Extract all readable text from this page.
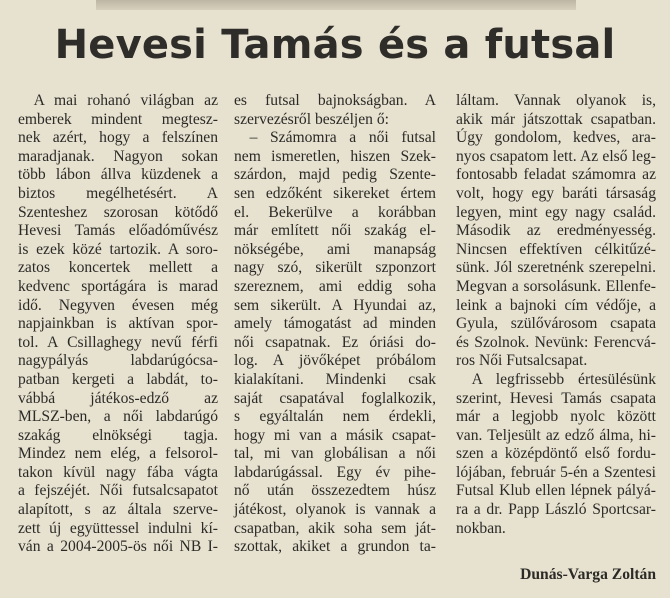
Hevesi Tamás és a futsal
 A mai rohanó világban az
emberek mindent megtesz-
nek azért, hogy a felszínen
maradjanak. Nagyon sokan
több lábon állva küzdenek a
biztos megélhetésért. A
Szenteshez szorosan kötődő
Hevesi Tamás előadóművész
is ezek közé tartozik. A soro-
zatos koncertek mellett a
kedvenc sportágára is marad
idő. Negyven évesen még
napjainkban is aktívan spor-
tol. A Csillaghegy nevű férfi
nagypályás labdarúgócsa-
patban kergeti a labdát, to-
vábbá játékos-edző az
MLSZ-ben, a női labdarúgó
szakág elnökségi tagja.
Mindez nem elég, a felsorol-
takon kívül nagy fába vágta
a fejszéjét. Női futsalcsapatot
alapított, s az általa szerve-
zett új együttessel indulni kí-
ván a 2004-2005-ös női NB I-
es futsal bajnokságban. A
szervezésről beszéljen ő:
 – Számomra a női futsal
nem ismeretlen, hiszen Szek-
szárdon, majd pedig Szente-
sen edzőként sikereket értem
el. Bekerülve a korábban
már említett női szakág el-
nökségébe, ami manapság
nagy szó, sikerült szponzort
szereznem, ami eddig soha
sem sikerült. A Hyundai az,
amely támogatást ad minden
női csapatnak. Ez óriási do-
log. A jövőképet próbálom
kialakítani. Mindenki csak
saját csapatával foglalkozik,
s egyáltalán nem érdekli,
hogy mi van a másik csapat-
tal, mi van globálisan a női
labdarúgással. Egy év pihe-
nő után összezedtem húsz
játékost, olyanok is vannak a
csapatban, akik soha sem ját-
szottak, akiket a grundon ta-
láltam. Vannak olyanok is,
akik már játszottak csapatban.
Úgy gondolom, kedves, ara-
nyos csapatom lett. Az első leg-
fontosabb feladat számomra az
volt, hogy egy baráti társaság
legyen, mint egy nagy család.
Második az eredményesség.
Nincsen effektíven célkitűzé-
sünk. Jól szeretnénk szerepelni.
Megvan a sorsolásunk. Ellenfe-
leink a bajnoki cím védője, a
Gyula, szülővárosom csapata
és Szolnok. Nevünk: Ferencvá-
ros Női Futsalcsapat.
 A legfrissebb értesülésünk
szerint, Hevesi Tamás csapata
már a legjobb nyolc között
van. Teljesült az edző álma, hi-
szen a középdöntő első fordu-
lójában, február 5-én a Szentesi
Futsal Klub ellen lépnek pályá-
ra a dr. Papp László Sportcsar-
nokban.
Dunás-Varga Zoltán
